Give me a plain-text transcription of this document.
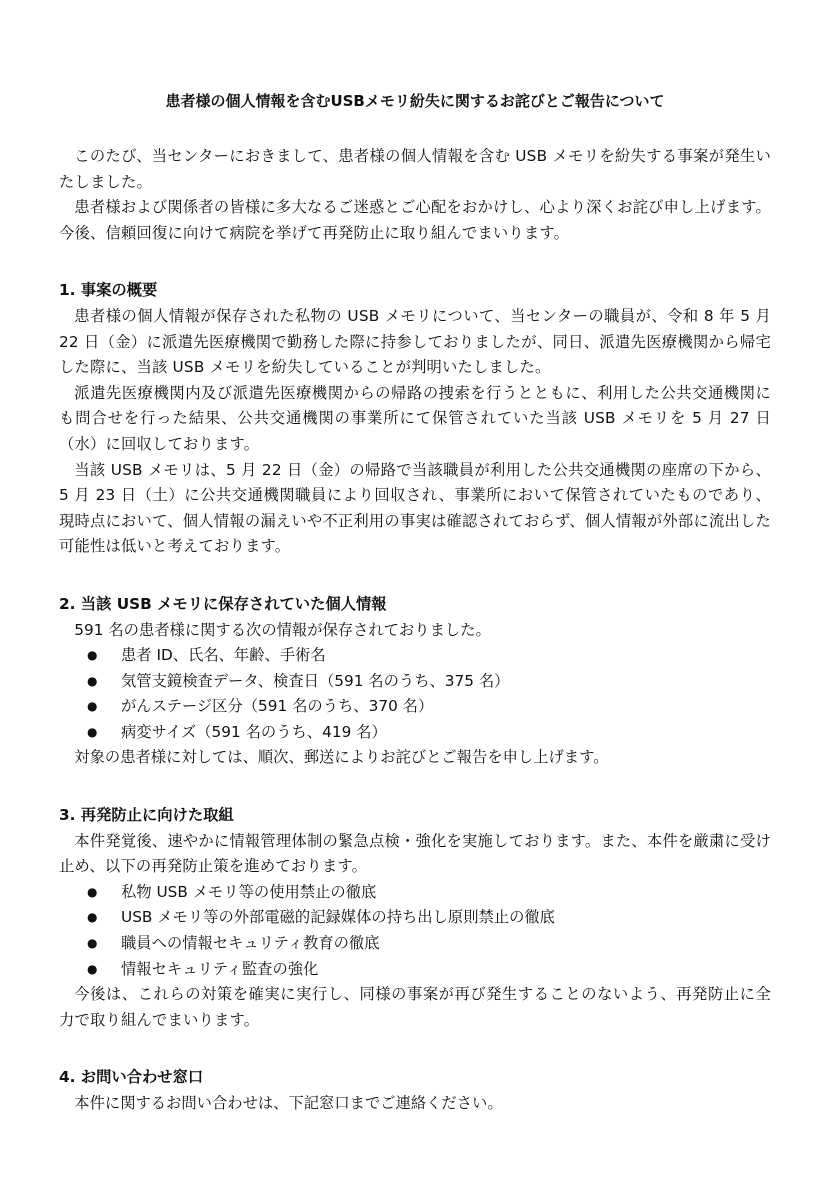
患者様の個人情報を含むUSBメモリ紛失に関するお詫びとご報告について

このたび、当センターにおきまして、患者様の個人情報を含む USB メモリを紛失する事案が発生いたしました。

患者様および関係者の皆様に多大なるご迷惑とご心配をおかけし、心より深くお詫び申し上げます。今後、信頼回復に向けて病院を挙げて再発防止に取り組んでまいります。

1. 事案の概要

患者様の個人情報が保存された私物の USB メモリについて、当センターの職員が、令和 8 年 5 月 22 日（金）に派遣先医療機関で勤務した際に持参しておりましたが、同日、派遣先医療機関から帰宅した際に、当該 USB メモリを紛失していることが判明いたしました。

派遣先医療機関内及び派遣先医療機関からの帰路の捜索を行うとともに、利用した公共交通機関にも問合せを行った結果、公共交通機関の事業所にて保管されていた当該 USB メモリを 5 月 27 日（水）に回収しております。

当該 USB メモリは、5 月 22 日（金）の帰路で当該職員が利用した公共交通機関の座席の下から、5 月 23 日（土）に公共交通機関職員により回収され、事業所において保管されていたものであり、現時点において、個人情報の漏えいや不正利用の事実は確認されておらず、個人情報が外部に流出した可能性は低いと考えております。

2. 当該 USB メモリに保存されていた個人情報

591 名の患者様に関する次の情報が保存されておりました。

● 患者 ID、氏名、年齢、手術名
● 気管支鏡検査データ、検査日（591 名のうち、375 名）
● がんステージ区分（591 名のうち、370 名）
● 病変サイズ（591 名のうち、419 名）

対象の患者様に対しては、順次、郵送によりお詫びとご報告を申し上げます。

3. 再発防止に向けた取組

本件発覚後、速やかに情報管理体制の緊急点検・強化を実施しております。また、本件を厳粛に受け止め、以下の再発防止策を進めております。

● 私物 USB メモリ等の使用禁止の徹底
● USB メモリ等の外部電磁的記録媒体の持ち出し原則禁止の徹底
● 職員への情報セキュリティ教育の徹底
● 情報セキュリティ監査の強化

今後は、これらの対策を確実に実行し、同様の事案が再び発生することのないよう、再発防止に全力で取り組んでまいります。

4. お問い合わせ窓口

本件に関するお問い合わせは、下記窓口までご連絡ください。
